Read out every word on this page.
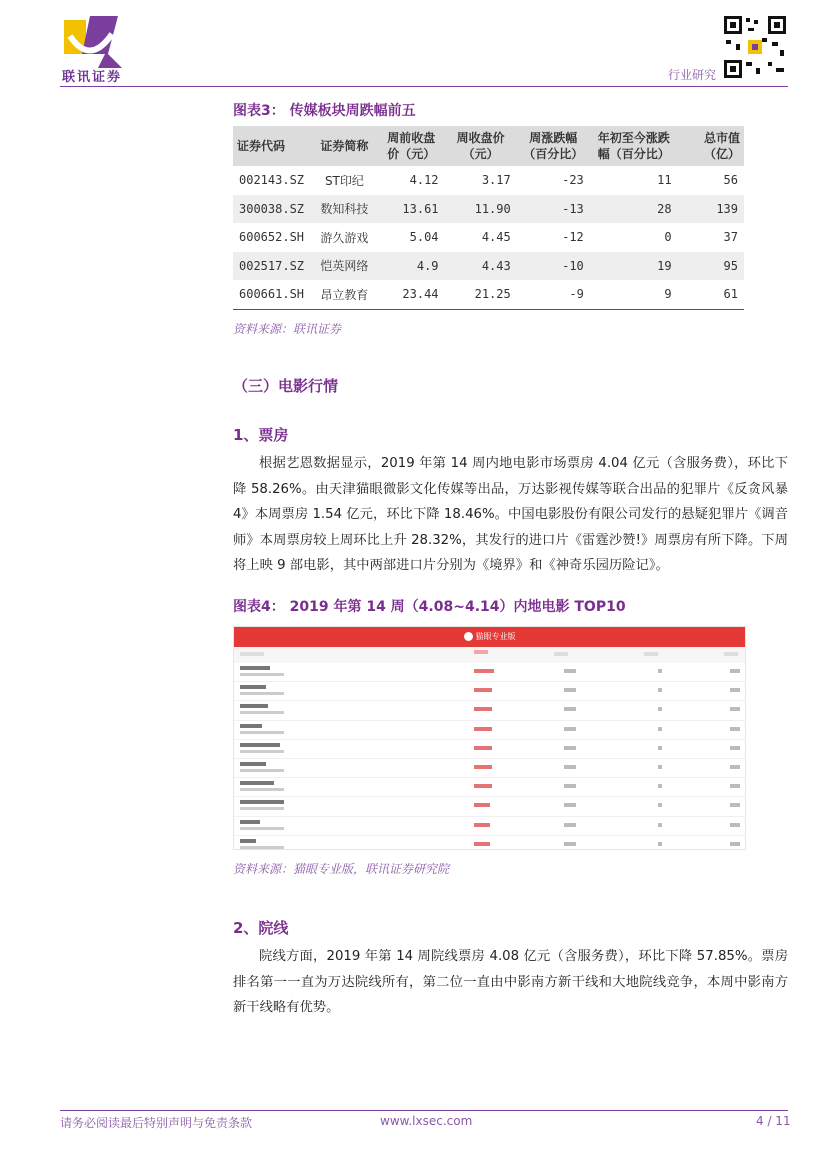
联讯证券	行业研究
图表3： 传媒板块周跌幅前五
证券代码	证券简称	周前收盘价（元）	周收盘价（元）	周涨跌幅（百分比）	年初至今涨跌幅（百分比）	总市值（亿）
002143.SZ	ST印纪	4.12	3.17	-23	11	56
300038.SZ	数知科技	13.61	11.90	-13	28	139
600652.SH	游久游戏	5.04	4.45	-12	0	37
002517.SZ	恺英网络	4.9	4.43	-10	19	95
600661.SH	昂立教育	23.44	21.25	-9	9	61
资料来源：联讯证券
（三）电影行情
1、票房
根据艺恩数据显示，2019 年第 14 周内地电影市场票房 4.04 亿元（含服务费），环比下降 58.26%。由天津猫眼微影文化传媒等出品，万达影视传媒等联合出品的犯罪片《反贪风暴 4》本周票房 1.54 亿元，环比下降 18.46%。中国电影股份有限公司发行的悬疑犯罪片《调音师》本周票房较上周环比上升 28.32%，其发行的进口片《雷霆沙赞!》周票房有所下降。下周将上映 9 部电影，其中两部进口片分别为《境界》和《神奇乐园历险记》。
图表4： 2019 年第 14 周（4.08~4.14）内地电影 TOP10
猫眼专业版
资料来源：猫眼专业版，联讯证券研究院
2、院线
院线方面，2019 年第 14 周院线票房 4.08 亿元（含服务费），环比下降 57.85%。票房排名第一一直为万达院线所有，第二位一直由中影南方新干线和大地院线竞争，本周中影南方新干线略有优势。
请务必阅读最后特别声明与免责条款	www.lxsec.com	4 / 11
